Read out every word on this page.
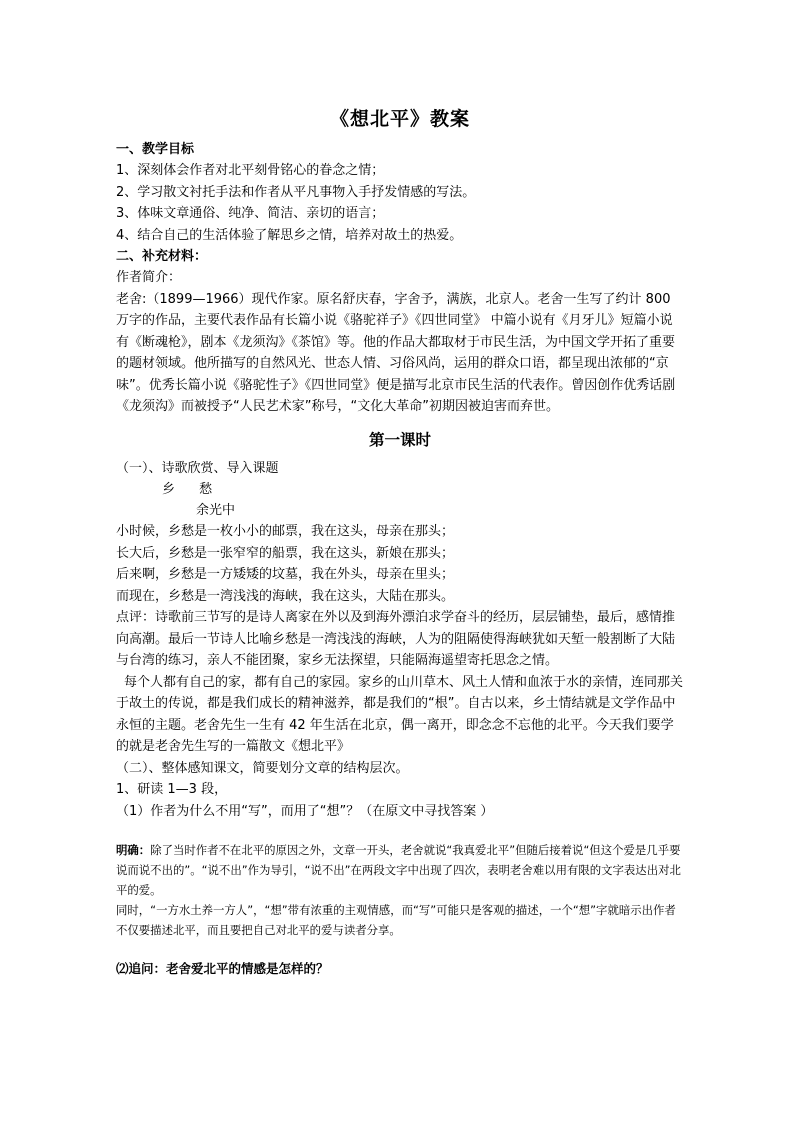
《想北平》教案
一、教学目标
1、深刻体会作者对北平刻骨铭心的眷念之情；
2、学习散文衬托手法和作者从平凡事物入手抒发情感的写法。
3、体味文章通俗、纯净、简洁、亲切的语言；
4、结合自己的生活体验了解思乡之情，培养对故土的热爱。
二、补充材料：
作者简介：
老舍:（1899—1966）现代作家。原名舒庆春，字舍予，满族，北京人。老舍一生写了约计 800 万字的作品，主要代表作品有长篇小说《骆驼祥子》《四世同堂》 中篇小说有《月牙儿》短篇小说有《断魂枪》，剧本《龙须沟》《茶馆》等。他的作品大都取材于市民生活，为中国文学开拓了重要的题材领域。他所描写的自然风光、世态人情、习俗风尚，运用的群众口语，都呈现出浓郁的“京味”。优秀长篇小说《骆驼性子》《四世同堂》便是描写北京市民生活的代表作。曾因创作优秀话剧《龙须沟》而被授予“人民艺术家”称号，“文化大革命”初期因被迫害而弃世。
第一课时
（一）、诗歌欣赏、导入课题
乡 愁
余光中
小时候，乡愁是一枚小小的邮票，我在这头，母亲在那头；
长大后，乡愁是一张窄窄的船票，我在这头，新娘在那头；
后来啊，乡愁是一方矮矮的坟墓，我在外头，母亲在里头；
而现在，乡愁是一湾浅浅的海峡，我在这头，大陆在那头。
点评：诗歌前三节写的是诗人离家在外以及到海外漂泊求学奋斗的经历，层层铺垫，最后，感情推向高潮。最后一节诗人比喻乡愁是一湾浅浅的海峡，人为的阻隔使得海峡犹如天堑一般割断了大陆与台湾的练习，亲人不能团聚，家乡无法探望，只能隔海遥望寄托思念之情。
每个人都有自己的家，都有自己的家园。家乡的山川草木、风土人情和血浓于水的亲情，连同那关于故土的传说，都是我们成长的精神滋养，都是我们的“根”。自古以来，乡土情结就是文学作品中永恒的主题。老舍先生一生有 42 年生活在北京，偶一离开，即念念不忘他的北平。今天我们要学的就是老舍先生写的一篇散文《想北平》
（二）、整体感知课文，简要划分文章的结构层次。
1、研读 1—3 段，
（1）作者为什么不用“写”，而用了“想”？（在原文中寻找答案 ）
明确：除了当时作者不在北平的原因之外，文章一开头，老舍就说“我真爱北平”但随后接着说“但这个爱是几乎要说而说不出的”。“说不出”作为导引，“说不出”在两段文字中出现了四次，表明老舍难以用有限的文字表达出对北平的爱。
同时，“一方水土养一方人”，“想”带有浓重的主观情感，而“写”可能只是客观的描述，一个“想”字就暗示出作者不仅要描述北平，而且要把自己对北平的爱与读者分享。
⑵追问：老舍爱北平的情感是怎样的？
